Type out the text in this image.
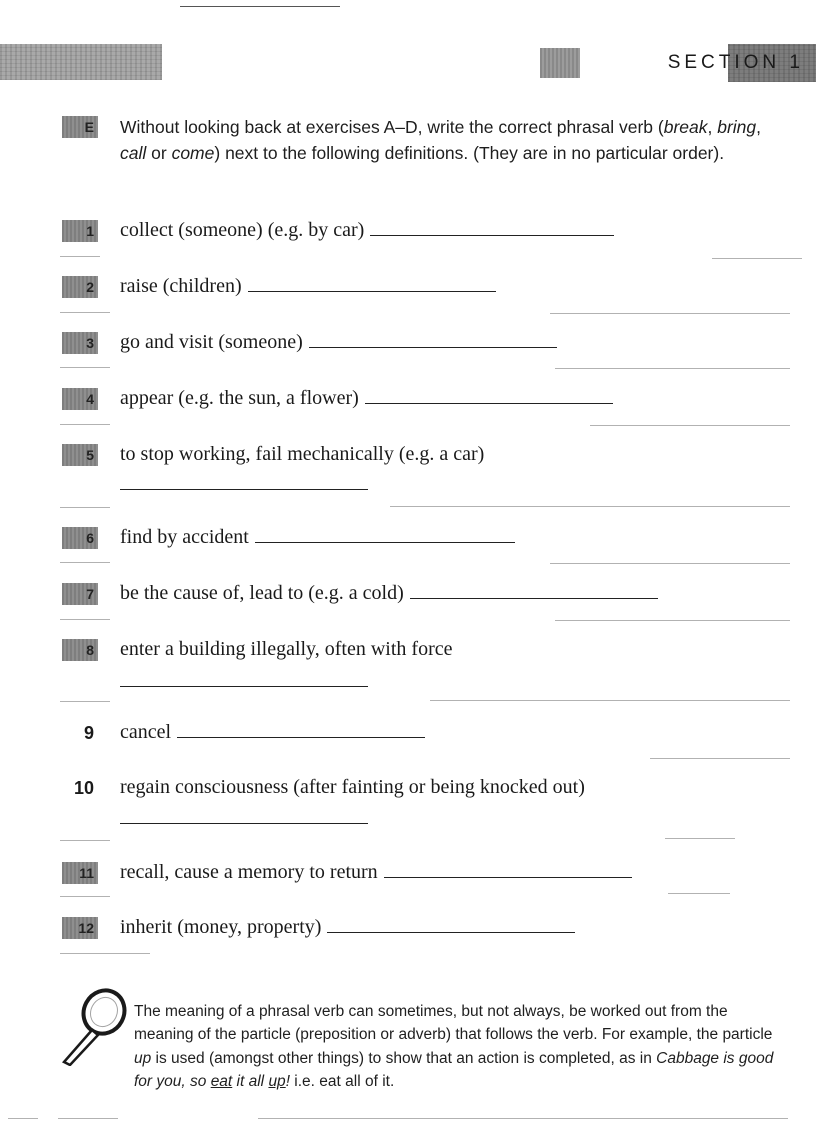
SECTION 1
E Without looking back at exercises A–D, write the correct phrasal verb (break, bring, call or come) next to the following definitions. (They are in no particular order).
1 collect (someone) (e.g. by car)
2 raise (children)
3 go and visit (someone)
4 appear (e.g. the sun, a flower)
5 to stop working, fail mechanically (e.g. a car)
6 find by accident
7 be the cause of, lead to (e.g. a cold)
8 enter a building illegally, often with force
9 cancel
10 regain consciousness (after fainting or being knocked out)
11 recall, cause a memory to return
12 inherit (money, property)
The meaning of a phrasal verb can sometimes, but not always, be worked out from the meaning of the particle (preposition or adverb) that follows the verb. For example, the particle up is used (amongst other things) to show that an action is completed, as in Cabbage is good for you, so eat it all up! i.e. eat all of it.
